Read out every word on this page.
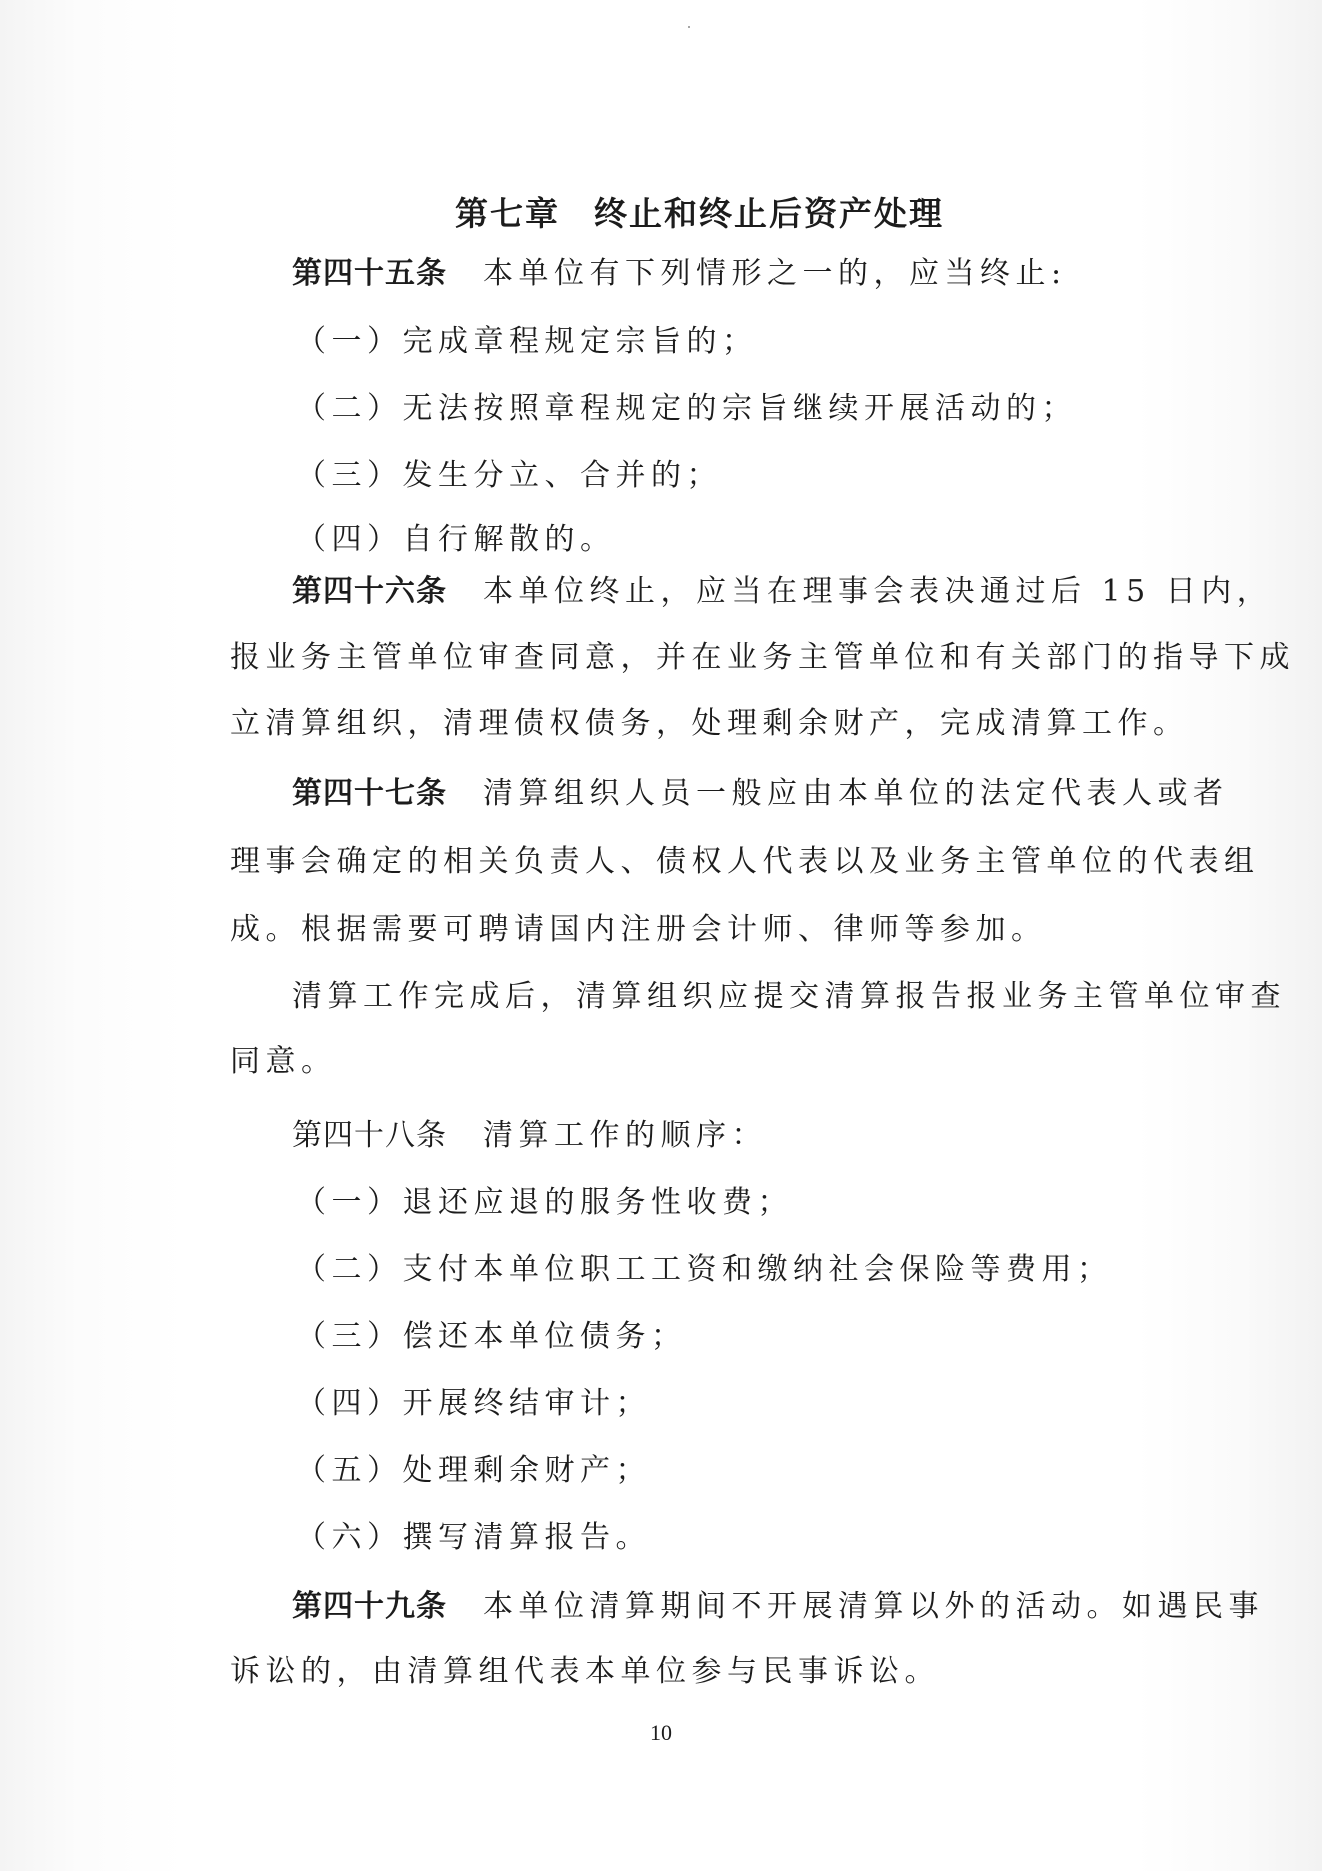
第七章 终止和终止后资产处理
第四十五条 本单位有下列情形之一的，应当终止:
（一）完成章程规定宗旨的；
（二）无法按照章程规定的宗旨继续开展活动的；
（三）发生分立、合并的；
（四）自行解散的。
第四十六条 本单位终止，应当在理事会表决通过后 15 日内，
报业务主管单位审查同意，并在业务主管单位和有关部门的指导下成
立清算组织，清理债权债务，处理剩余财产，完成清算工作。
第四十七条 清算组织人员一般应由本单位的法定代表人或者
理事会确定的相关负责人、债权人代表以及业务主管单位的代表组
成。根据需要可聘请国内注册会计师、律师等参加。
清算工作完成后，清算组织应提交清算报告报业务主管单位审查
同意。
第四十八条 清算工作的顺序：
（一）退还应退的服务性收费；
（二）支付本单位职工工资和缴纳社会保险等费用；
（三）偿还本单位债务；
（四）开展终结审计；
（五）处理剩余财产；
（六）撰写清算报告。
第四十九条 本单位清算期间不开展清算以外的活动。如遇民事
诉讼的，由清算组代表本单位参与民事诉讼。
10
